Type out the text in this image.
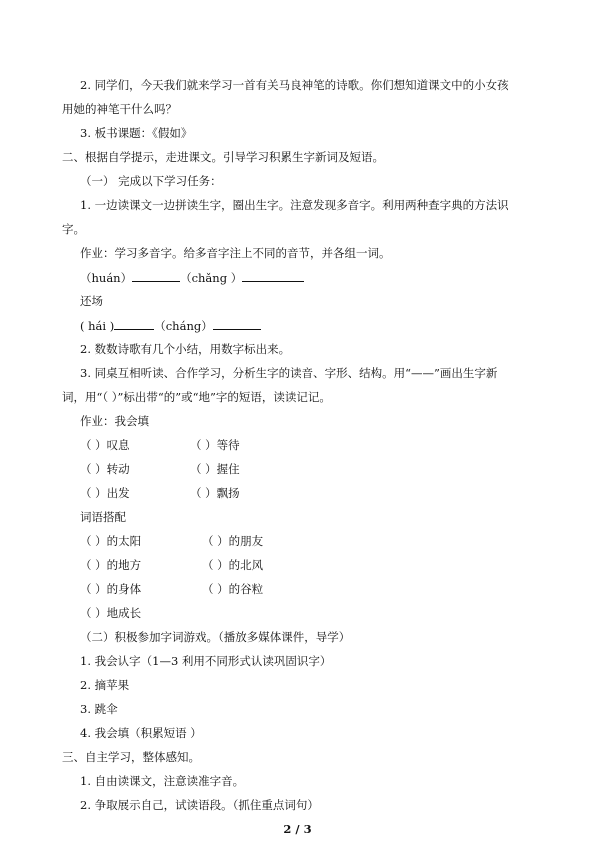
2. 同学们，今天我们就来学习一首有关马良神笔的诗歌。你们想知道课文中的小女孩
用她的神笔干什么吗？
3. 板书课题：《假如》
二、根据自学提示，走进课文。引导学习积累生字新词及短语。
（一） 完成以下学习任务：
1. 一边读课文一边拼读生字，圈出生字。注意发现多音字。利用两种查字典的方法识
字。
作业：学习多音字。给多音字注上不同的音节，并各组一词。
（huán）	（chǎng ）
还场
( hái )	（cháng）
2. 数数诗歌有几个小结，用数字标出来。
3. 同桌互相听读、合作学习，分析生字的读音、字形、结构。用“——”画出生字新
词，用“（ ）”标出带“的”或“地”字的短语，读读记记。
作业：我会填
（ ）叹息	（ ）等待
（ ）转动	（ ）握住
（ ）出发	（ ）飘扬
词语搭配
（ ）的太阳	（ ）的朋友
（ ）的地方	（ ）的北风
（ ）的身体	（ ）的谷粒
（ ）地成长
（二）积极参加字词游戏。（播放多媒体课件，导学）
1. 我会认字（1—3 利用不同形式认读巩固识字）
2. 摘苹果
3. 跳伞
4. 我会填（积累短语 ）
三、自主学习，整体感知。
1. 自由读课文，注意读准字音。
2. 争取展示自己，试读语段。（抓住重点词句）
2 / 3
